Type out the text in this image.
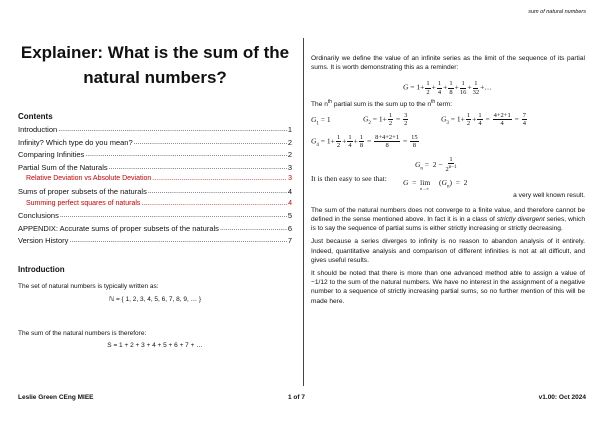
sum of natural numbers
Explainer: What is the sum of the natural numbers?
Contents
Introduction .....	1
Infinity? Which type do you mean? .....	2
Comparing Infinities .....	2
Partial Sum of the Naturals .....	3
Relative Deviation vs Absolute Deviation .....	3
Sums of proper subsets of the naturals .....	4
Summing perfect squares of naturals .....	4
Conclusions .....	5
APPENDIX: Accurate sums of proper subsets of the naturals .....	6
Version History .....	7
Introduction
The set of natural numbers is typically written as:
ℕ = { 1, 2, 3, 4, 5, 6, 7, 8, 9, … }
The sum of the natural numbers is therefore:
S = 1 + 2 + 3 + 4 + 5 + 6 + 7 + …

Ordinarily we define the value of an infinite series as the limit of the sequence of its partial sums. It is worth demonstrating this as a reminder:

$G = 1+ \frac{1}{2} + \frac{1}{4} + \frac{1}{8} + \frac{1}{16} + \frac{1}{32}$ +…

The $n^{th}$ partial sum is the sum up to the $n^{th}$ term:

$G_1 = 1$	$G_2 = 1+ \frac{1}{2} = \frac{3}{2}$	$G_3 = 1+ \frac{1}{2} + \frac{1}{4} = \frac{4+2+1}{4} = \frac{7}{4}$
$G_4 = 1+ \frac{1}{2} + \frac{1}{4} + \frac{1}{8} = \frac{8+4+2+1}{8} = \frac{15}{8}$
$G_n = 2 - \frac{1}{2^{n-1}}$
It is then easy to see that: $G = \lim_{n\to\infty}(G_n) = 2$
a very well known result.

The sum of the natural numbers does not converge to a finite value, and therefore cannot be defined in the sense mentioned above. In fact it is in a class of strictly divergent series, which is to say the sequence of partial sums is either strictly increasing or strictly decreasing.

Just because a series diverges to infinity is no reason to abandon analysis of it entirely. Indeed, quantitative analysis and comparison of different infinities is not at all difficult, and gives useful results.

It should be noted that there is more than one advanced method able to assign a value of −1/12 to the sum of the natural numbers. We have no interest in the assignment of a negative number to a sequence of strictly increasing partial sums, so no further mention of this will be made here.

Leslie Green CEng MIEE	1 of 7	v1.00: Oct 2024
